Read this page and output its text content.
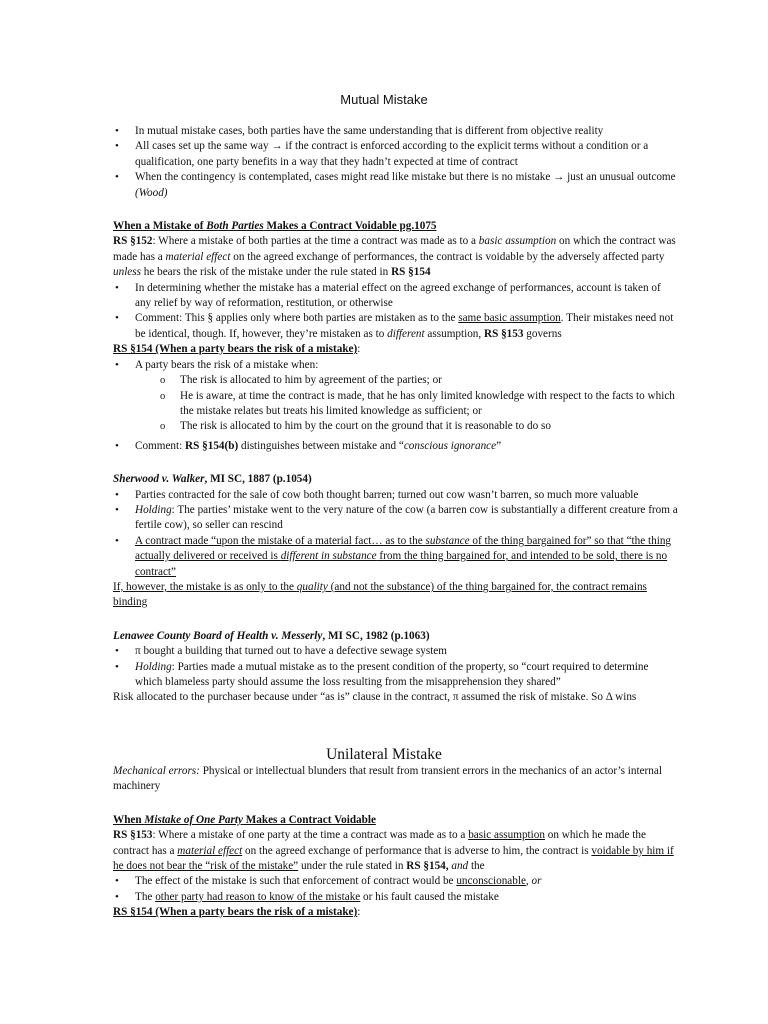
Mutual Mistake
• In mutual mistake cases, both parties have the same understanding that is different from objective reality
• All cases set up the same way → if the contract is enforced according to the explicit terms without a condition or a qualification, one party benefits in a way that they hadn’t expected at time of contract
• When the contingency is contemplated, cases might read like mistake but there is no mistake → just an unusual outcome (Wood)

When a Mistake of Both Parties Makes a Contract Voidable pg.1075

RS §152: Where a mistake of both parties at the time a contract was made as to a basic assumption on which the contract was made has a material effect on the agreed exchange of performances, the contract is voidable by the adversely affected party unless he bears the risk of the mistake under the rule stated in RS §154

• In determining whether the mistake has a material effect on the agreed exchange of performances, account is taken of any relief by way of reformation, restitution, or otherwise
• Comment: This § applies only where both parties are mistaken as to the same basic assumption. Their mistakes need not be identical, though. If, however, they’re mistaken as to different assumption, RS §153 governs

RS §154 (When a party bears the risk of a mistake):

• A party bears the risk of a mistake when:
o The risk is allocated to him by agreement of the parties; or
o He is aware, at time the contract is made, that he has only limited knowledge with respect to the facts to which the mistake relates but treats his limited knowledge as sufficient; or
o The risk is allocated to him by the court on the ground that it is reasonable to do so
• Comment: RS §154(b) distinguishes between mistake and “conscious ignorance”

Sherwood v. Walker, MI SC, 1887 (p.1054)

• Parties contracted for the sale of cow both thought barren; turned out cow wasn’t barren, so much more valuable
• Holding: The parties’ mistake went to the very nature of the cow (a barren cow is substantially a different creature from a fertile cow), so seller can rescind
• A contract made “upon the mistake of a material fact… as to the substance of the thing bargained for” so that “the thing actually delivered or received is different in substance from the thing bargained for, and intended to be sold, there is no contract”

If, however, the mistake is as only to the quality (and not the substance) of the thing bargained for, the contract remains binding

Lenawee County Board of Health v. Messerly, MI SC, 1982 (p.1063)

• π bought a building that turned out to have a defective sewage system
• Holding: Parties made a mutual mistake as to the present condition of the property, so “court required to determine which blameless party should assume the loss resulting from the misapprehension they shared”

Risk allocated to the purchaser because under “as is” clause in the contract, π assumed the risk of mistake. So Δ wins

Unilateral Mistake

Mechanical errors: Physical or intellectual blunders that result from transient errors in the mechanics of an actor’s internal machinery

When Mistake of One Party Makes a Contract Voidable

RS §153: Where a mistake of one party at the time a contract was made as to a basic assumption on which he made the contract has a material effect on the agreed exchange of performance that is adverse to him, the contract is voidable by him if he does not bear the “risk of the mistake” under the rule stated in RS §154, and the

• The effect of the mistake is such that enforcement of contract would be unconscionable, or
• The other party had reason to know of the mistake or his fault caused the mistake

RS §154 (When a party bears the risk of a mistake):
